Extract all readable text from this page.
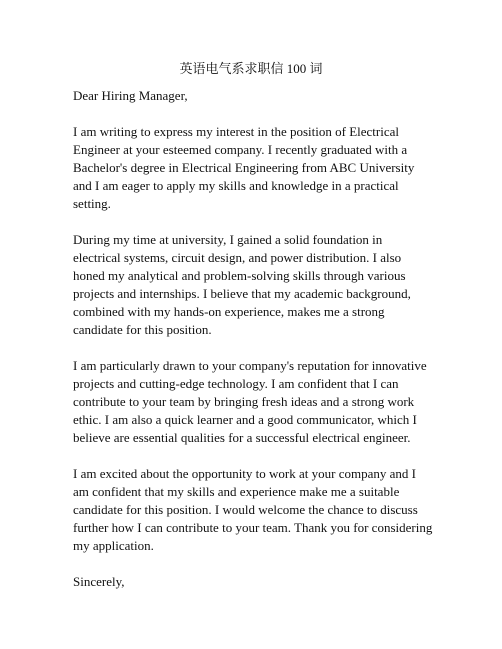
英语电气系求职信 100 词

Dear Hiring Manager,

I am writing to express my interest in the position of Electrical Engineer at your esteemed company. I recently graduated with a Bachelor's degree in Electrical Engineering from ABC University and I am eager to apply my skills and knowledge in a practical setting.

During my time at university, I gained a solid foundation in electrical systems, circuit design, and power distribution. I also honed my analytical and problem-solving skills through various projects and internships. I believe that my academic background, combined with my hands-on experience, makes me a strong candidate for this position.

I am particularly drawn to your company's reputation for innovative projects and cutting-edge technology. I am confident that I can contribute to your team by bringing fresh ideas and a strong work ethic. I am also a quick learner and a good communicator, which I believe are essential qualities for a successful electrical engineer.

I am excited about the opportunity to work at your company and I am confident that my skills and experience make me a suitable candidate for this position. I would welcome the chance to discuss further how I can contribute to your team. Thank you for considering my application.

Sincerely,
